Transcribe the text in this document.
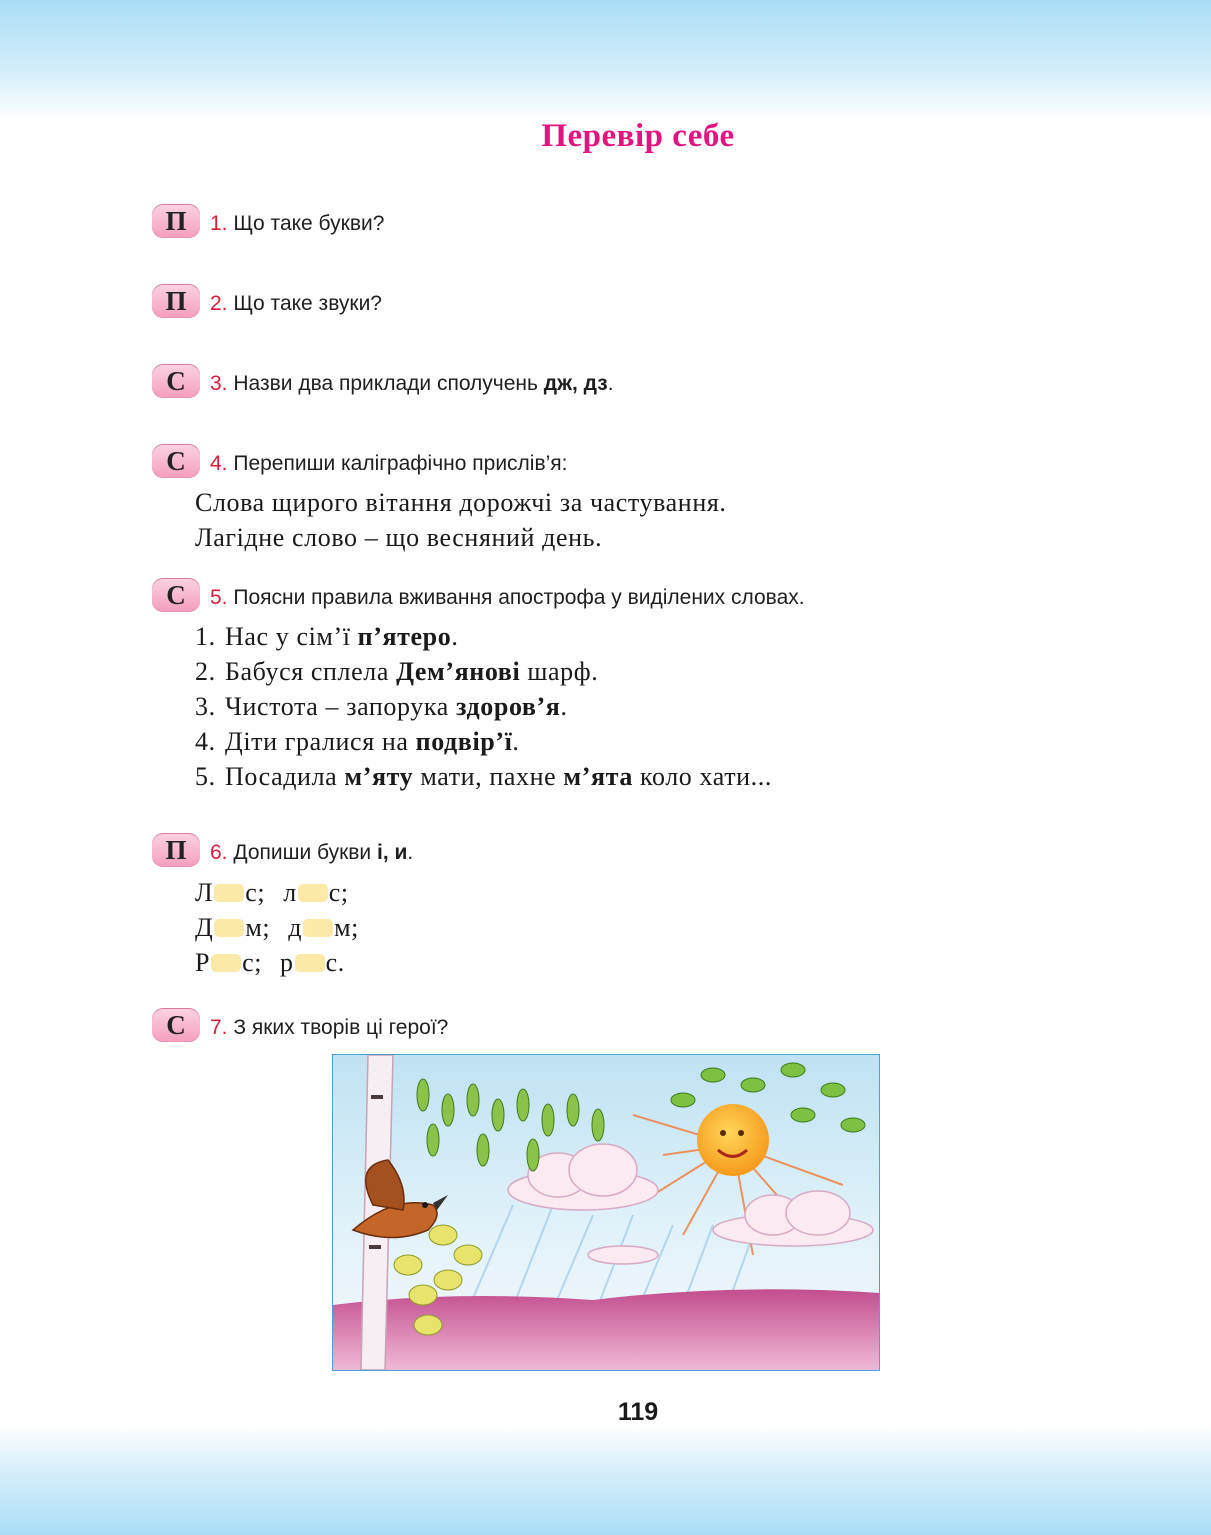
Перевір себе
П	1. Що таке букви?
П	2. Що таке звуки?
С	3. Назви два приклади сполучень дж, дз.
С	4. Перепиши каліграфічно прислів’я:
Слова щирого вітання дорожчі за частування.
Лагідне слово – що весняний день.
С	5. Поясни правила вживання апострофа у виділених словах.
1. Нас у сім’ї п’ятеро.
2. Бабуся сплела Дем’янові шарф.
3. Чистота – запорука здоров’я.
4. Діти гралися на подвір’ї.
5. Посадила м’яту мати, пахне м’ята коло хати...
П	6. Допиши букви і, и.
Л с; л с;
Д м; д м;
Р с; р с.
С	7. З яких творів ці герої?
119
